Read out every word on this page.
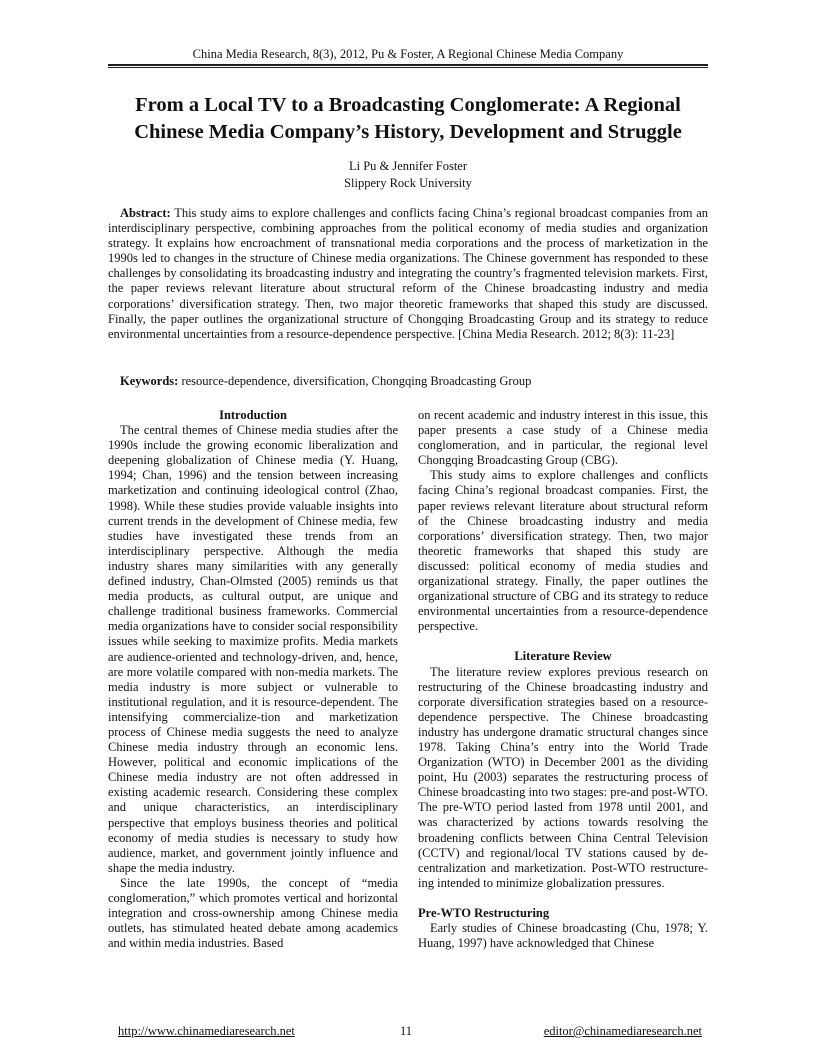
China Media Research, 8(3), 2012, Pu & Foster, A Regional Chinese Media Company
From a Local TV to a Broadcasting Conglomerate: A Regional
Chinese Media Company’s History, Development and Struggle
Li Pu & Jennifer Foster
Slippery Rock University

Abstract: This study aims to explore challenges and conflicts facing China’s regional broadcast companies from an interdisciplinary perspective, combining approaches from the political economy of media studies and organization strategy. It explains how encroachment of transnational media corporations and the process of marketization in the 1990s led to changes in the structure of Chinese media organizations. The Chinese government has responded to these challenges by consolidating its broadcasting industry and integrating the country’s fragmented television markets. First, the paper reviews relevant literature about structural reform of the Chinese broadcasting industry and media corporations’ diversification strategy. Then, two major theoretic frameworks that shaped this study are discussed. Finally, the paper outlines the organizational structure of Chongqing Broadcasting Group and its strategy to reduce environmental uncertainties from a resource-dependence perspective. [China Media Research. 2012; 8(3): 11-23]

Keywords: resource-dependence, diversification, Chongqing Broadcasting Group

Introduction

The central themes of Chinese media studies after the 1990s include the growing economic liberalization and deepening globalization of Chinese media (Y. Huang, 1994; Chan, 1996) and the tension between increasing marketization and continuing ideological control (Zhao, 1998). While these studies provide valuable insights into current trends in the development of Chinese media, few studies have investigated these trends from an interdisciplinary perspective. Although the media industry shares many similarities with any generally defined industry, Chan-Olmsted (2005) reminds us that media products, as cultural output, are unique and challenge traditional business frameworks. Commercial media organizations have to consider social responsibility issues while seeking to maximize profits. Media markets are audience-oriented and technology-driven, and, hence, are more volatile compared with non-media markets. The media industry is more subject or vulnerable to institutional regulation, and it is resource-dependent. The intensifying commercialize-tion and marketization process of Chinese media suggests the need to analyze Chinese media industry through an economic lens. However, political and economic implications of the Chinese media industry are not often addressed in existing academic research. Considering these complex and unique characteristics, an interdisciplinary perspective that employs business theories and political economy of media studies is necessary to study how audience, market, and government jointly influence and shape the media industry.

Since the late 1990s, the concept of “media conglomeration,” which promotes vertical and horizontal integration and cross-ownership among Chinese media outlets, has stimulated heated debate among academics and within media industries. Based

on recent academic and industry interest in this issue, this paper presents a case study of a Chinese media conglomeration, and in particular, the regional level Chongqing Broadcasting Group (CBG).

This study aims to explore challenges and conflicts facing China’s regional broadcast companies. First, the paper reviews relevant literature about structural reform of the Chinese broadcasting industry and media corporations’ diversification strategy. Then, two major theoretic frameworks that shaped this study are discussed: political economy of media studies and organizational strategy. Finally, the paper outlines the organizational structure of CBG and its strategy to reduce environmental uncertainties from a resource-dependence perspective.

Literature Review

The literature review explores previous research on restructuring of the Chinese broadcasting industry and corporate diversification strategies based on a resource-dependence perspective. The Chinese broadcasting industry has undergone dramatic structural changes since 1978. Taking China’s entry into the World Trade Organization (WTO) in December 2001 as the dividing point, Hu (2003) separates the restructuring process of Chinese broadcasting into two stages: pre-and post-WTO. The pre-WTO period lasted from 1978 until 2001, and was characterized by actions towards resolving the broadening conflicts between China Central Television (CCTV) and regional/local TV stations caused by de-centralization and marketization. Post-WTO restructure-ing intended to minimize globalization pressures.

Pre-WTO Restructuring

Early studies of Chinese broadcasting (Chu, 1978; Y. Huang, 1997) have acknowledged that Chinese

http://www.chinamediaresearch.net	11	editor@chinamediaresearch.net
